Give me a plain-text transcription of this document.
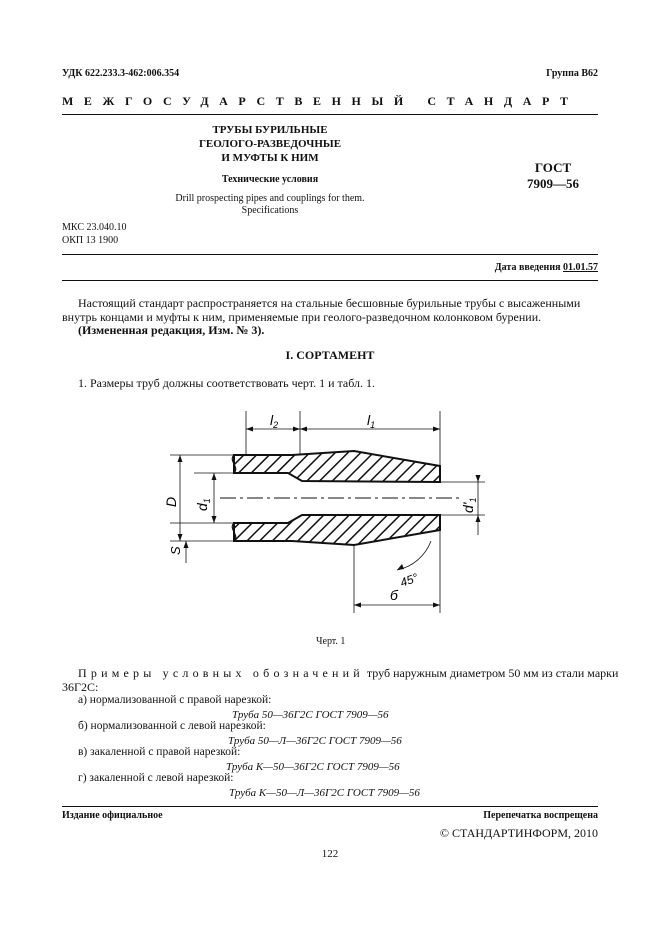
УДК 622.233.3-462:006.354	Группа В62
МЕЖГОСУДАРСТВЕННЫЙ СТАНДАРТ
ТРУБЫ БУРИЛЬНЫЕ
ГЕОЛОГО-РАЗВЕДОЧНЫЕ
И МУФТЫ К НИМ
Технические условия
Drill prospecting pipes and couplings for them.
Specifications
ГОСТ
7909—56
МКС 23.040.10
ОКП 13 1900
Дата введения 01.01.57
Настоящий стандарт распространяется на стальные бесшовные бурильные трубы с высаженными
внутрь концами и муфты к ним, применяемые при геолого-разведочном колонковом бурении.
(Измененная редакция, Изм. № 3).
I. СОРТАМЕНТ
1. Размеры труб должны соответствовать черт. 1 и табл. 1.
$l_2$	$l_1$
D
$d_1$
S
$d'_1$
б
45°
Черт. 1
Примеры условных обозначений труб наружным диаметром 50 мм из стали марки
36Г2С:
а) нормализованной с правой нарезкой:
Труба 50—36Г2С ГОСТ 7909—56
б) нормализованной с левой нарезкой:
Труба 50—Л—36Г2С ГОСТ 7909—56
в) закаленной с правой нарезкой:
Труба К—50—36Г2С ГОСТ 7909—56
г) закаленной с левой нарезкой:
Труба К—50—Л—36Г2С ГОСТ 7909—56
Издание официальное	Перепечатка воспрещена
© СТАНДАРТИНФОРМ, 2010
122
